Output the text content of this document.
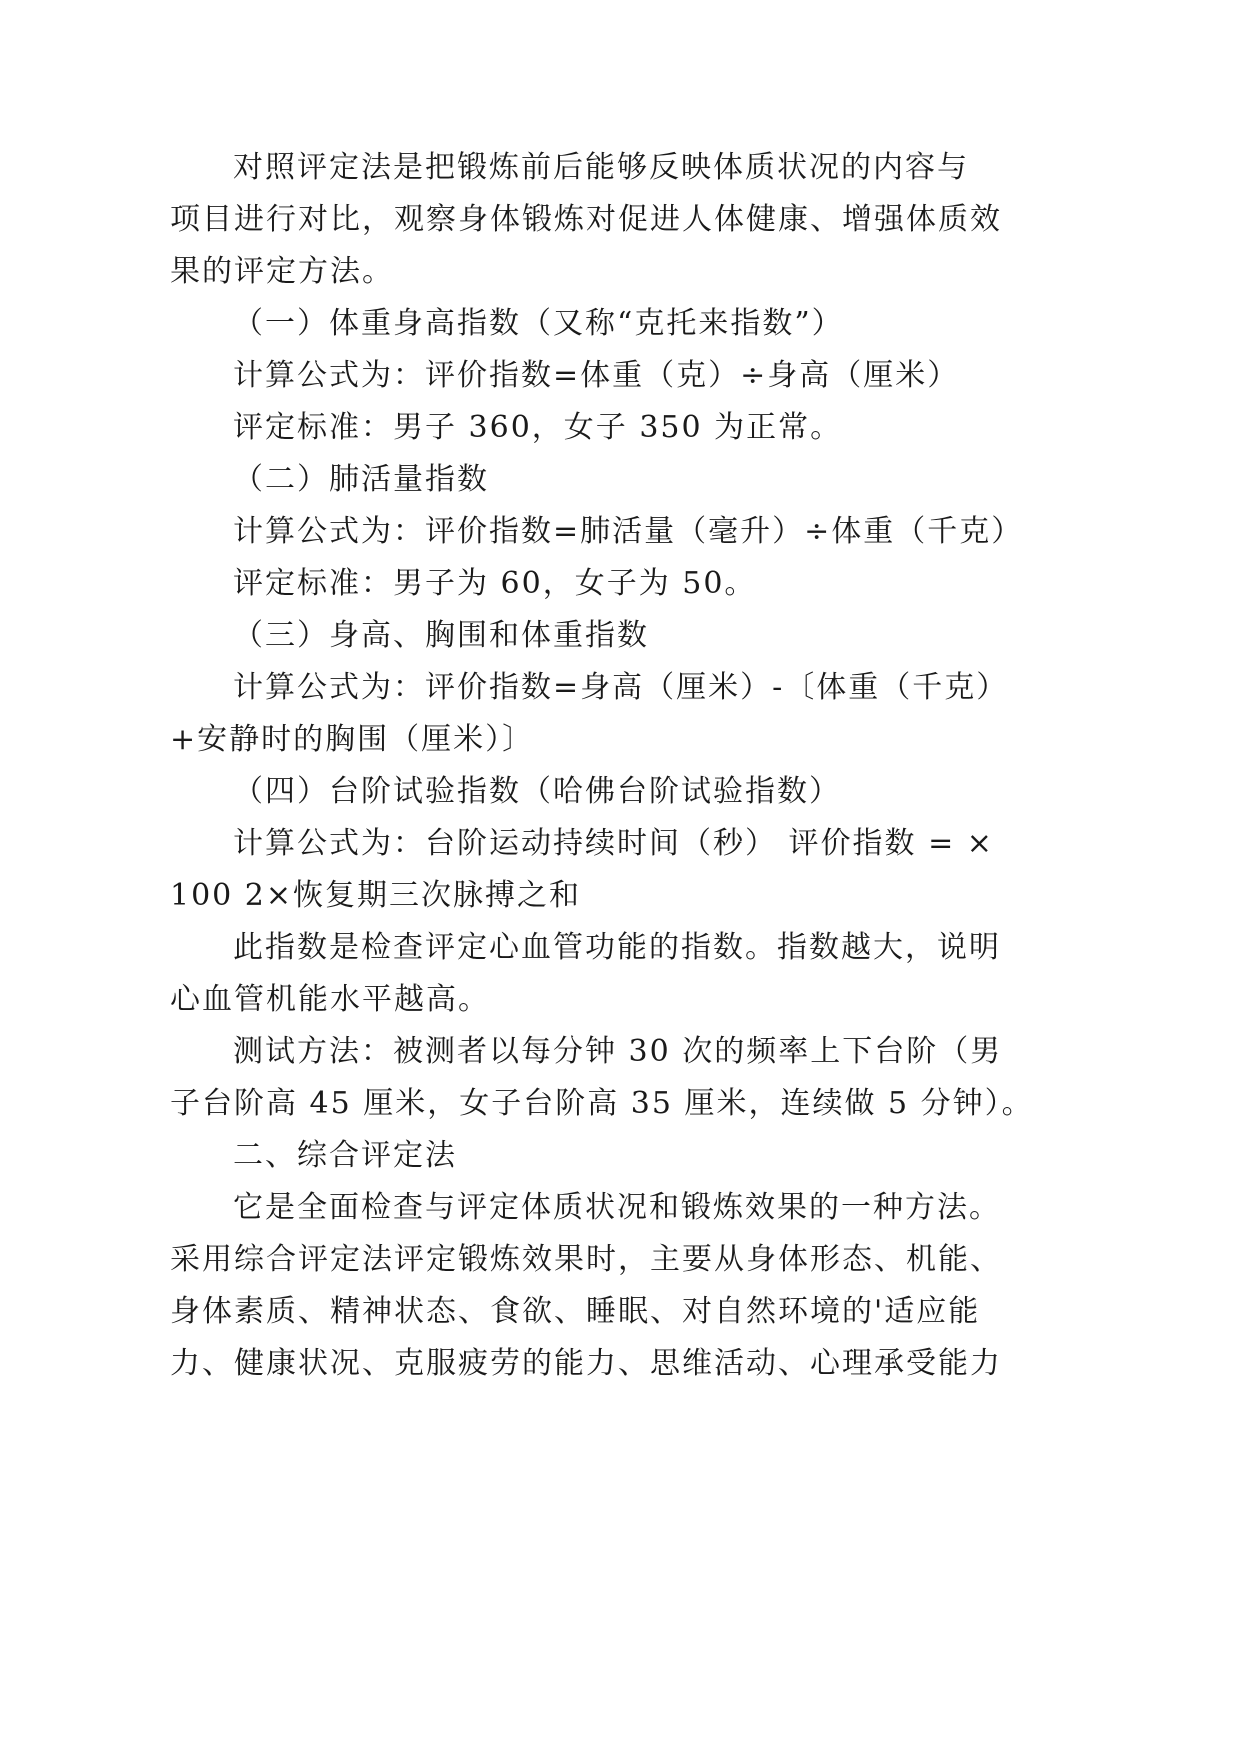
对照评定法是把锻炼前后能够反映体质状况的内容与
项目进行对比，观察身体锻炼对促进人体健康、增强体质效
果的评定方法。
（一）体重身高指数（又称“克托来指数”）
计算公式为：评价指数=体重（克）÷身高（厘米）
评定标准：男子 360，女子 350 为正常。
（二）肺活量指数
计算公式为：评价指数=肺活量（毫升）÷体重（千克）
评定标准：男子为 60，女子为 50。
（三）身高、胸围和体重指数
计算公式为：评价指数=身高（厘米）-〔体重（千克）
+安静时的胸围（厘米）〕
（四）台阶试验指数（哈佛台阶试验指数）
计算公式为：台阶运动持续时间（秒） 评价指数 = ×
100 2×恢复期三次脉搏之和
此指数是检查评定心血管功能的指数。指数越大，说明
心血管机能水平越高。
测试方法：被测者以每分钟 30 次的频率上下台阶（男
子台阶高 45 厘米，女子台阶高 35 厘米，连续做 5 分钟）。
二、综合评定法
它是全面检查与评定体质状况和锻炼效果的一种方法。
采用综合评定法评定锻炼效果时，主要从身体形态、机能、
身体素质、精神状态、食欲、睡眠、对自然环境的'适应能
力、健康状况、克服疲劳的能力、思维活动、心理承受能力
